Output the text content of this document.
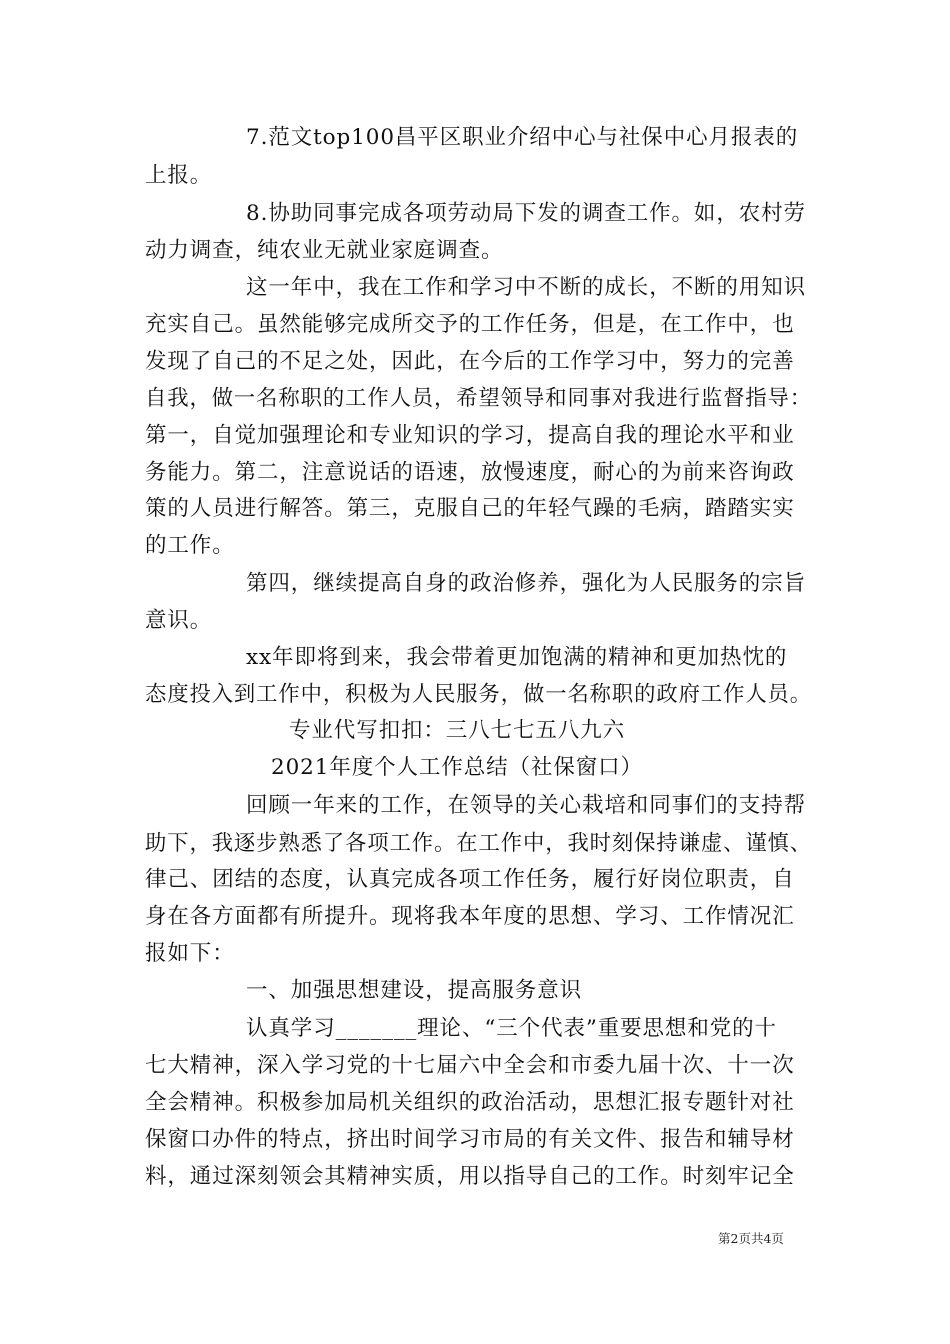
7.范文top100昌平区职业介绍中心与社保中心月报表的
上报。
8.协助同事完成各项劳动局下发的调查工作。如，农村劳
动力调查，纯农业无就业家庭调查。
这一年中，我在工作和学习中不断的成长，不断的用知识
充实自己。虽然能够完成所交予的工作任务，但是，在工作中，也
发现了自己的不足之处，因此，在今后的工作学习中，努力的完善
自我，做一名称职的工作人员，希望领导和同事对我进行监督指导：
第一，自觉加强理论和专业知识的学习，提高自我的理论水平和业
务能力。第二，注意说话的语速，放慢速度，耐心的为前来咨询政
策的人员进行解答。第三，克服自己的年轻气躁的毛病，踏踏实实
的工作。
第四，继续提高自身的政治修养，强化为人民服务的宗旨
意识。
xx年即将到来，我会带着更加饱满的精神和更加热忱的
态度投入到工作中，积极为人民服务，做一名称职的政府工作人员。
专业代写扣扣：三八七七五八九六
2021年度个人工作总结（社保窗口）
回顾一年来的工作，在领导的关心栽培和同事们的支持帮
助下，我逐步熟悉了各项工作。在工作中，我时刻保持谦虚、谨慎、
律己、团结的态度，认真完成各项工作任务，履行好岗位职责，自
身在各方面都有所提升。现将我本年度的思想、学习、工作情况汇
报如下：
一、加强思想建设，提高服务意识
认真学习_______理论、“三个代表”重要思想和党的十
七大精神，深入学习党的十七届六中全会和市委九届十次、十一次
全会精神。积极参加局机关组织的政治活动，思想汇报专题针对社
保窗口办件的特点，挤出时间学习市局的有关文件、报告和辅导材
料，通过深刻领会其精神实质，用以指导自己的工作。时刻牢记全
第2页共4页
